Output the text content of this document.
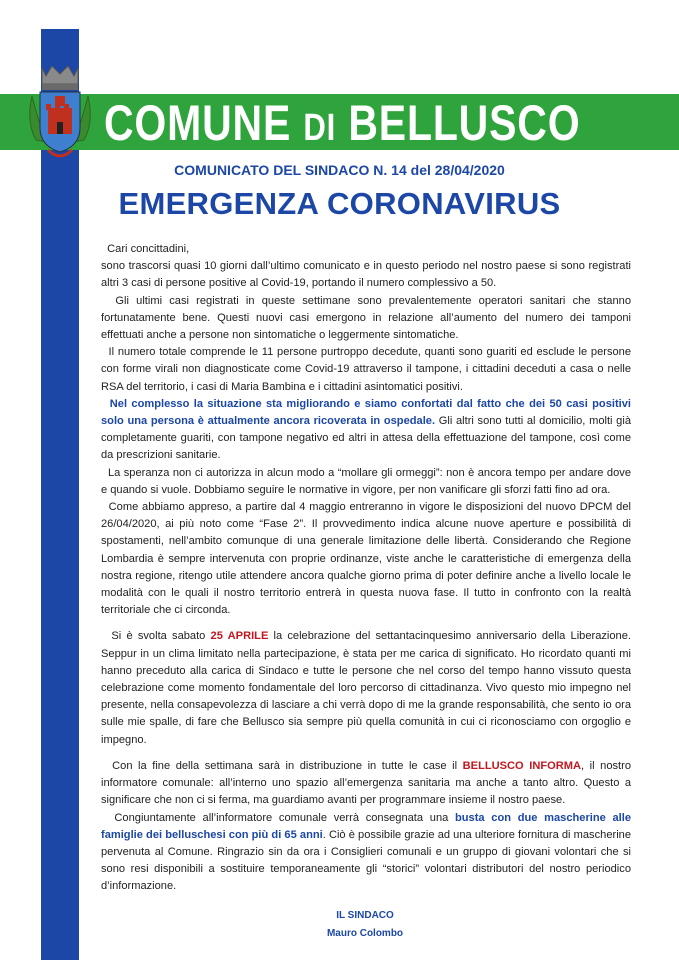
COMUNE DI BELLUSCO
COMUNICATO DEL SINDACO N. 14 del 28/04/2020
EMERGENZA CORONAVIRUS

Cari concittadini,

sono trascorsi quasi 10 giorni dall’ultimo comunicato e in questo periodo nel nostro paese si sono registrati altri 3 casi di persone positive al Covid-19, portando il numero complessivo a 50.

Gli ultimi casi registrati in queste settimane sono prevalentemente operatori sanitari che stanno fortunatamente bene. Questi nuovi casi emergono in relazione all’aumento del numero dei tamponi effettuati anche a persone non sintomatiche o leggermente sintomatiche.

Il numero totale comprende le 11 persone purtroppo decedute, quanti sono guariti ed esclude le persone con forme virali non diagnosticate come Covid-19 attraverso il tampone, i cittadini deceduti a casa o nelle RSA del territorio, i casi di Maria Bambina e i cittadini asintomatici positivi.

Nel complesso la situazione sta migliorando e siamo confortati dal fatto che dei 50 casi positivi solo una persona è attualmente ancora ricoverata in ospedale. Gli altri sono tutti al domicilio, molti già completamente guariti, con tampone negativo ed altri in attesa della effettuazione del tampone, così come da prescrizioni sanitarie.

La speranza non ci autorizza in alcun modo a “mollare gli ormeggi”: non è ancora tempo per andare dove e quando si vuole. Dobbiamo seguire le normative in vigore, per non vanificare gli sforzi fatti fino ad ora.

Come abbiamo appreso, a partire dal 4 maggio entreranno in vigore le disposizioni del nuovo DPCM del 26/04/2020, ai più noto come “Fase 2”. Il provvedimento indica alcune nuove aperture e possibilità di spostamenti, nell’ambito comunque di una generale limitazione delle libertà. Considerando che Regione Lombardia è sempre intervenuta con proprie ordinanze, viste anche le caratteristiche di emergenza della nostra regione, ritengo utile attendere ancora qualche giorno prima di poter definire anche a livello locale le modalità con le quali il nostro territorio entrerà in questa nuova fase. Il tutto in confronto con la realtà territoriale che ci circonda.

Si è svolta sabato 25 APRILE la celebrazione del settantacinquesimo anniversario della Liberazione. Seppur in un clima limitato nella partecipazione, è stata per me carica di significato. Ho ricordato quanti mi hanno preceduto alla carica di Sindaco e tutte le persone che nel corso del tempo hanno vissuto questa celebrazione come momento fondamentale del loro percorso di cittadinanza. Vivo questo mio impegno nel presente, nella consapevolezza di lasciare a chi verrà dopo di me la grande responsabilità, che sento io ora sulle mie spalle, di fare che Bellusco sia sempre più quella comunità in cui ci riconosciamo con orgoglio e impegno.

Con la fine della settimana sarà in distribuzione in tutte le case il BELLUSCO INFORMA, il nostro informatore comunale: all’interno uno spazio all’emergenza sanitaria ma anche a tanto altro. Questo a significare che non ci si ferma, ma guardiamo avanti per programmare insieme il nostro paese.

Congiuntamente all’informatore comunale verrà consegnata una busta con due mascherine alle famiglie dei belluschesi con più di 65 anni. Ciò è possibile grazie ad una ulteriore fornitura di mascherine pervenuta al Comune. Ringrazio sin da ora i Consiglieri comunali e un gruppo di giovani volontari che si sono resi disponibili a sostituire temporaneamente gli “storici” volontari distributori del nostro periodico d’informazione.

IL SINDACO
Mauro Colombo
